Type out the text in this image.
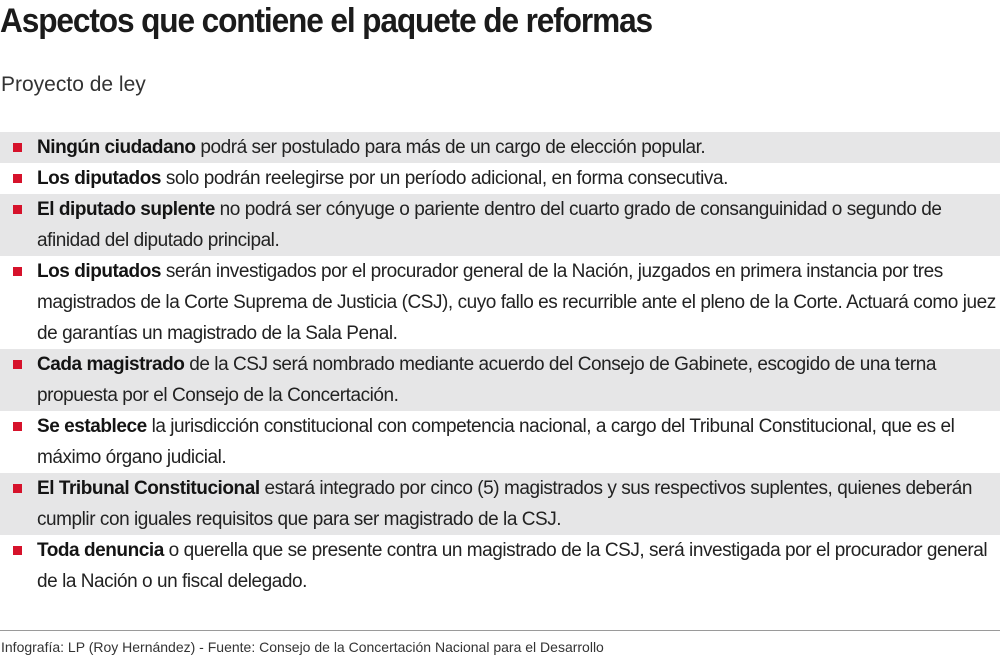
Aspectos que contiene el paquete de reformas
Proyecto de ley
Ningún ciudadano podrá ser postulado para más de un cargo de elección popular.
Los diputados solo podrán reelegirse por un período adicional, en forma consecutiva.
El diputado suplente no podrá ser cónyuge o pariente dentro del cuarto grado de consanguinidad o segundo de afinidad del diputado principal.
Los diputados serán investigados por el procurador general de la Nación, juzgados en primera instancia por tres magistrados de la Corte Suprema de Justicia (CSJ), cuyo fallo es recurrible ante el pleno de la Corte. Actuará como juez de garantías un magistrado de la Sala Penal.
Cada magistrado de la CSJ será nombrado mediante acuerdo del Consejo de Gabinete, escogido de una terna propuesta por el Consejo de la Concertación.
Se establece la jurisdicción constitucional con competencia nacional, a cargo del Tribunal Constitucional, que es el máximo órgano judicial.
El Tribunal Constitucional estará integrado por cinco (5) magistrados y sus respectivos suplentes, quienes deberán cumplir con iguales requisitos que para ser magistrado de la CSJ.
Toda denuncia o querella que se presente contra un magistrado de la CSJ, será investigada por el procurador general de la Nación o un fiscal delegado.
Infografía: LP (Roy Hernández) - Fuente: Consejo de la Concertación Nacional para el Desarrollo
